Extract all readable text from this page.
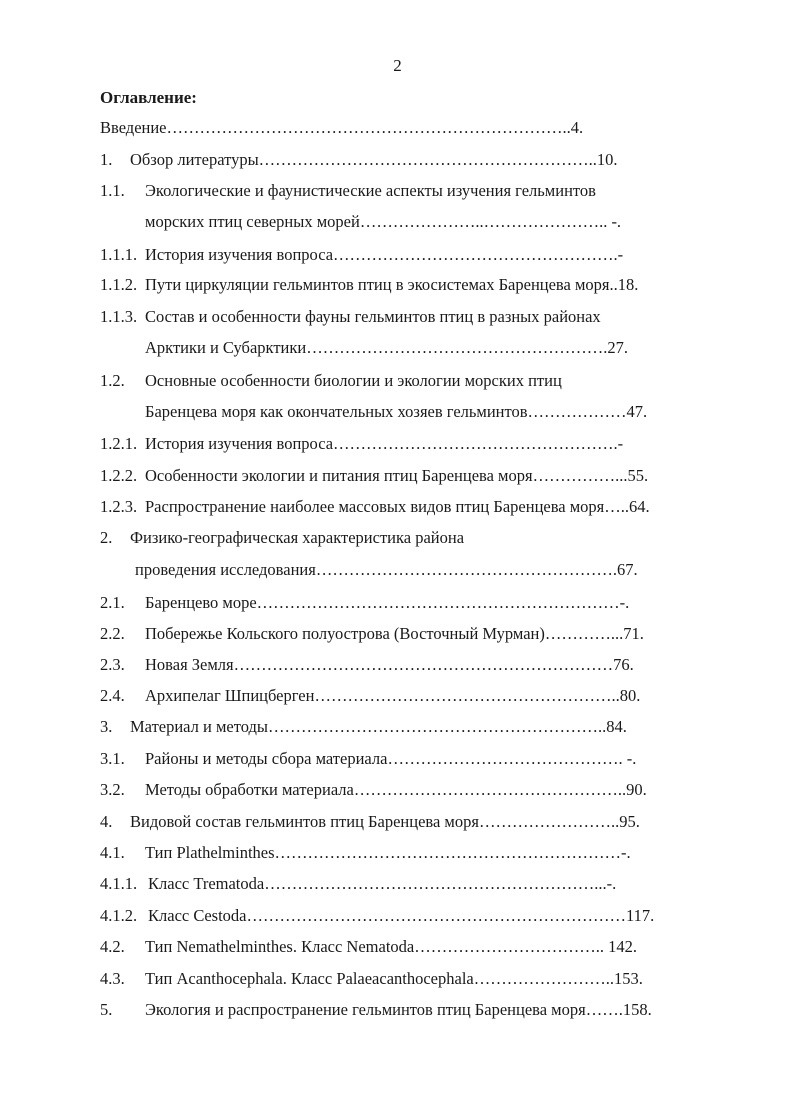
2
Оглавление:
Введение………………………………………………………………..4.
1. Обзор литературы……………………………………………………..10.
1.1. Экологические и фаунистические аспекты изучения гельминтов
морских птиц северных морей…………………..………………….. -.
1.1.1. История изучения вопроса…………………………………………….-
1.1.2. Пути циркуляции гельминтов птиц в экосистемах Баренцева моря..18.
1.1.3. Состав и особенности фауны гельминтов птиц в разных районах
Арктики и Субарктики……………………………………………….27.
1.2. Основные особенности биологии и экологии морских птиц
Баренцева моря как окончательных хозяев гельминтов………………47.
1.2.1. История изучения вопроса…………………………………………….-
1.2.2. Особенности экологии и питания птиц Баренцева моря……………...55.
1.2.3. Распространение наиболее массовых видов птиц Баренцева моря…..64.
2. Физико-географическая характеристика района
проведения исследования……………………………………………….67.
2.1. Баренцево море…………………………………………………………-.
2.2. Побережье Кольского полуострова (Восточный Мурман)…………...71.
2.3. Новая Земля……………………………………………………………76.
2.4. Архипелаг Шпицберген………………………………………………..80.
3. Материал и методы……………………………………………………..84.
3.1. Районы и методы сбора материала……………………………………. -.
3.2. Методы обработки материала…………………………………………..90.
4. Видовой состав гельминтов птиц Баренцева моря……………………..95.
4.1. Тип Plathelminthes………………………………………………………-.
4.1.1. Класс Trematoda……………………………………………………...-.
4.1.2. Класс Cestoda……………………………………………………………117.
4.2. Тип Nemathelminthes. Класс Nematoda…………………………….. 142.
4.3. Тип Acanthocephala. Класс Palaeacanthocephala……………………..153.
5. Экология и распространение гельминтов птиц Баренцева моря…….158.
